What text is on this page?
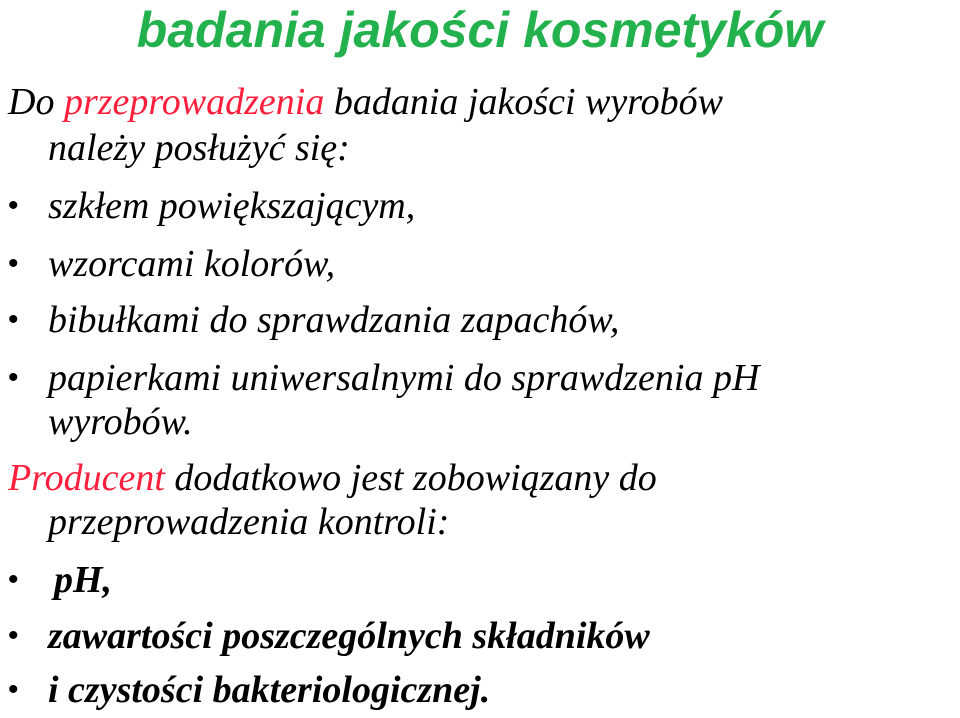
badania jakości kosmetyków
Do przeprowadzenia badania jakości wyrobów
należy posłużyć się:
• szkłem powiększającym,
• wzorcami kolorów,
• bibułkami do sprawdzania zapachów,
• papierkami uniwersalnymi do sprawdzenia pH
wyrobów.
Producent dodatkowo jest zobowiązany do
przeprowadzenia kontroli:
• pH,
• zawartości poszczególnych składników
• i czystości bakteriologicznej.
